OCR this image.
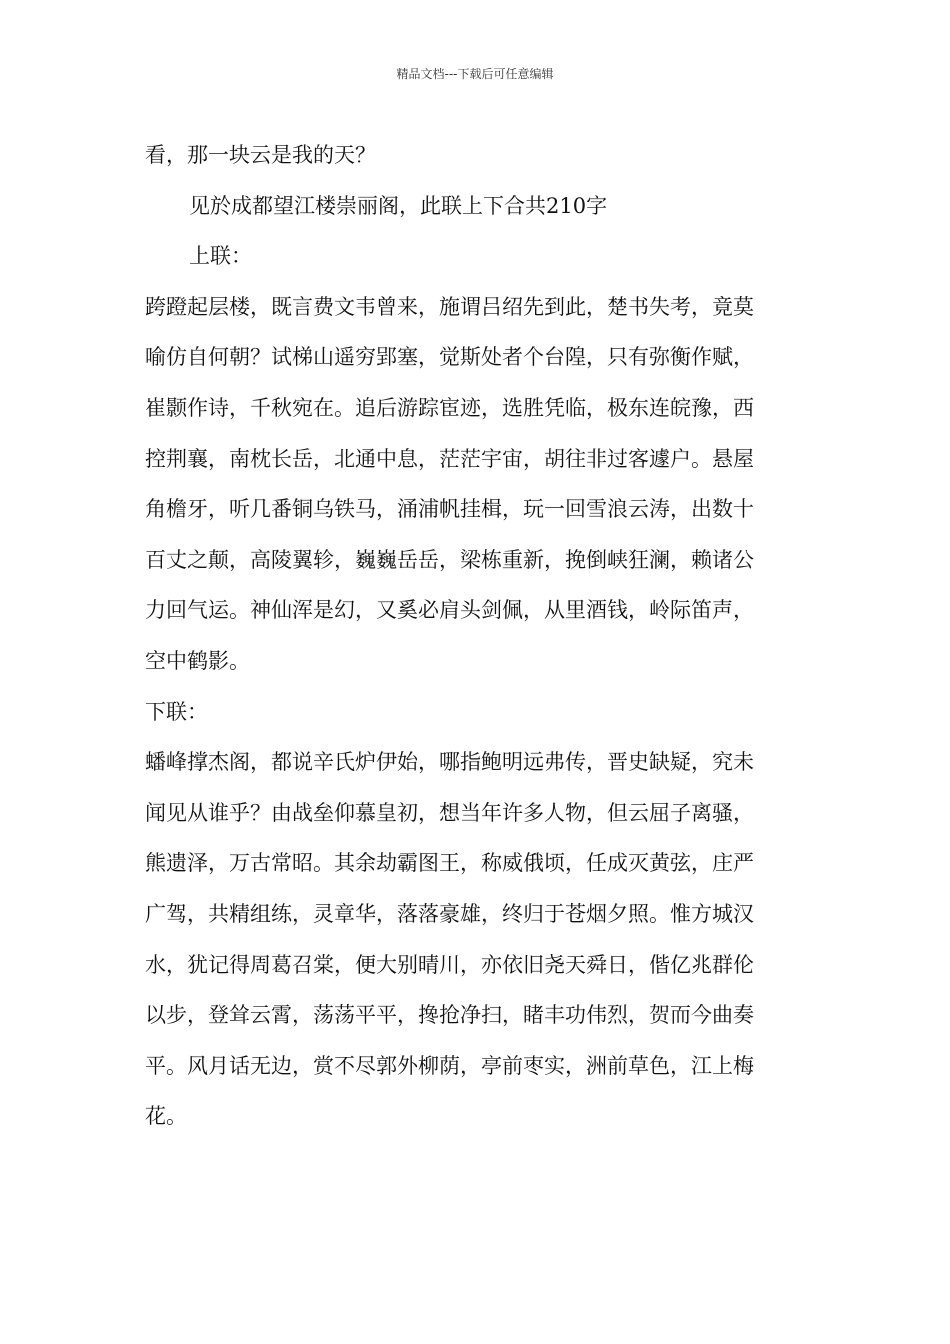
精品文档---下载后可任意编辑
看，那一块云是我的天？
见於成都望江楼崇丽阁，此联上下合共210字
上联：
跨蹬起层楼，既言费文韦曾来，施谓吕绍先到此，楚书失考，竟莫
喻仿自何朝？试梯山遥穷郢塞，觉斯处者个台隍，只有弥衡作赋，
崔颢作诗，千秋宛在。追后游踪宦迹，选胜凭临，极东连皖豫，西
控荆襄，南枕长岳，北通中息，茫茫宇宙，胡往非过客遽户。悬屋
角檐牙，听几番铜乌铁马，涌浦帆挂楫，玩一回雪浪云涛，出数十
百丈之颠，高陵翼轸，巍巍岳岳，梁栋重新，挽倒峡狂澜，赖诸公
力回气运。神仙浑是幻，又奚必肩头剑佩，从里酒钱，岭际笛声，
空中鹤影。
下联：
蟠峰撑杰阁，都说辛氏炉伊始，哪指鲍明远弗传，晋史缺疑，究未
闻见从谁乎？由战垒仰慕皇初，想当年许多人物，但云屈子离骚，
熊遗泽，万古常昭。其余劫霸图王，称威俄顷，任成灭黄弦，庄严
广驾，共精组练，灵章华，落落豪雄，终归于苍烟夕照。惟方城汉
水，犹记得周葛召棠，便大别晴川，亦依旧尧天舜日，偕亿兆群伦
以步，登耸云霄，荡荡平平，搀抢净扫，睹丰功伟烈，贺而今曲奏
平。风月话无边，赏不尽郭外柳荫，亭前枣实，洲前草色，江上梅
花。
